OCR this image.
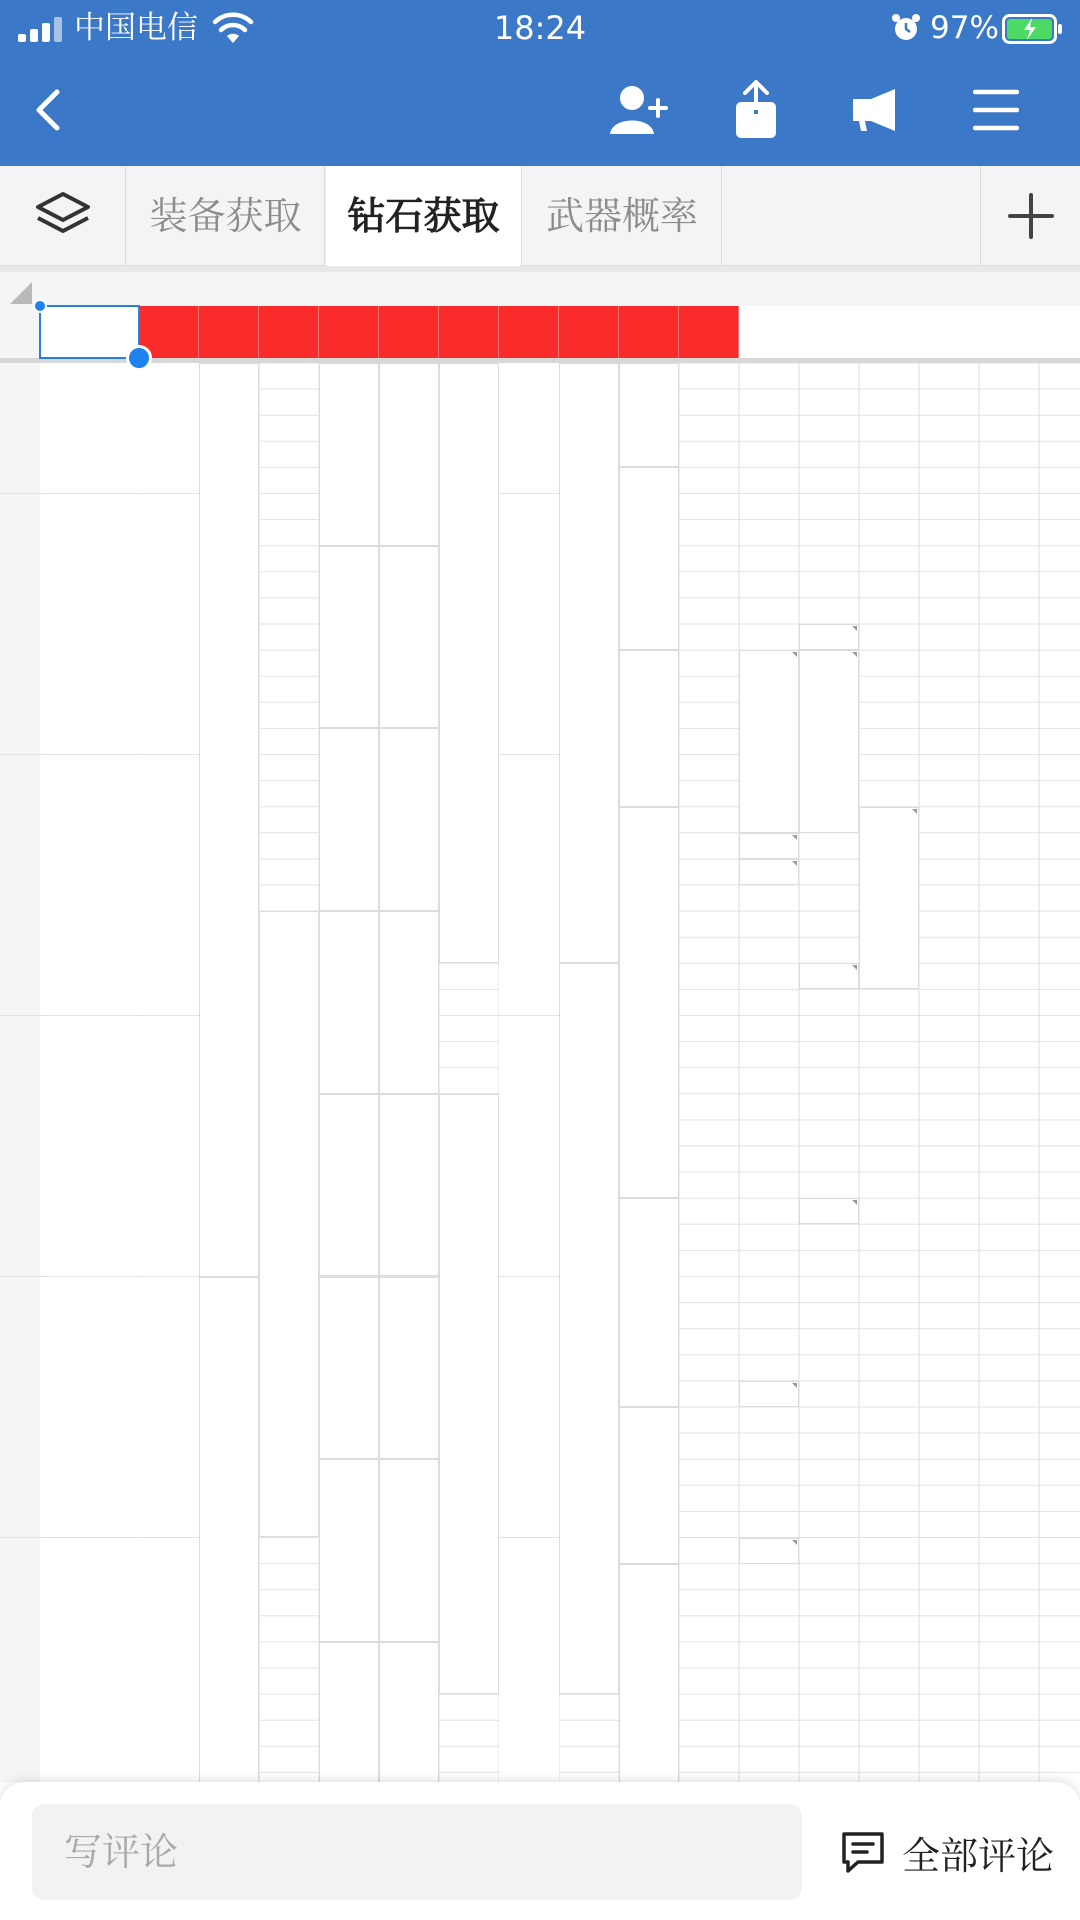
中国电信	18:24	97%
装备获取	钻石获取	武器概率
写评论	全部评论
